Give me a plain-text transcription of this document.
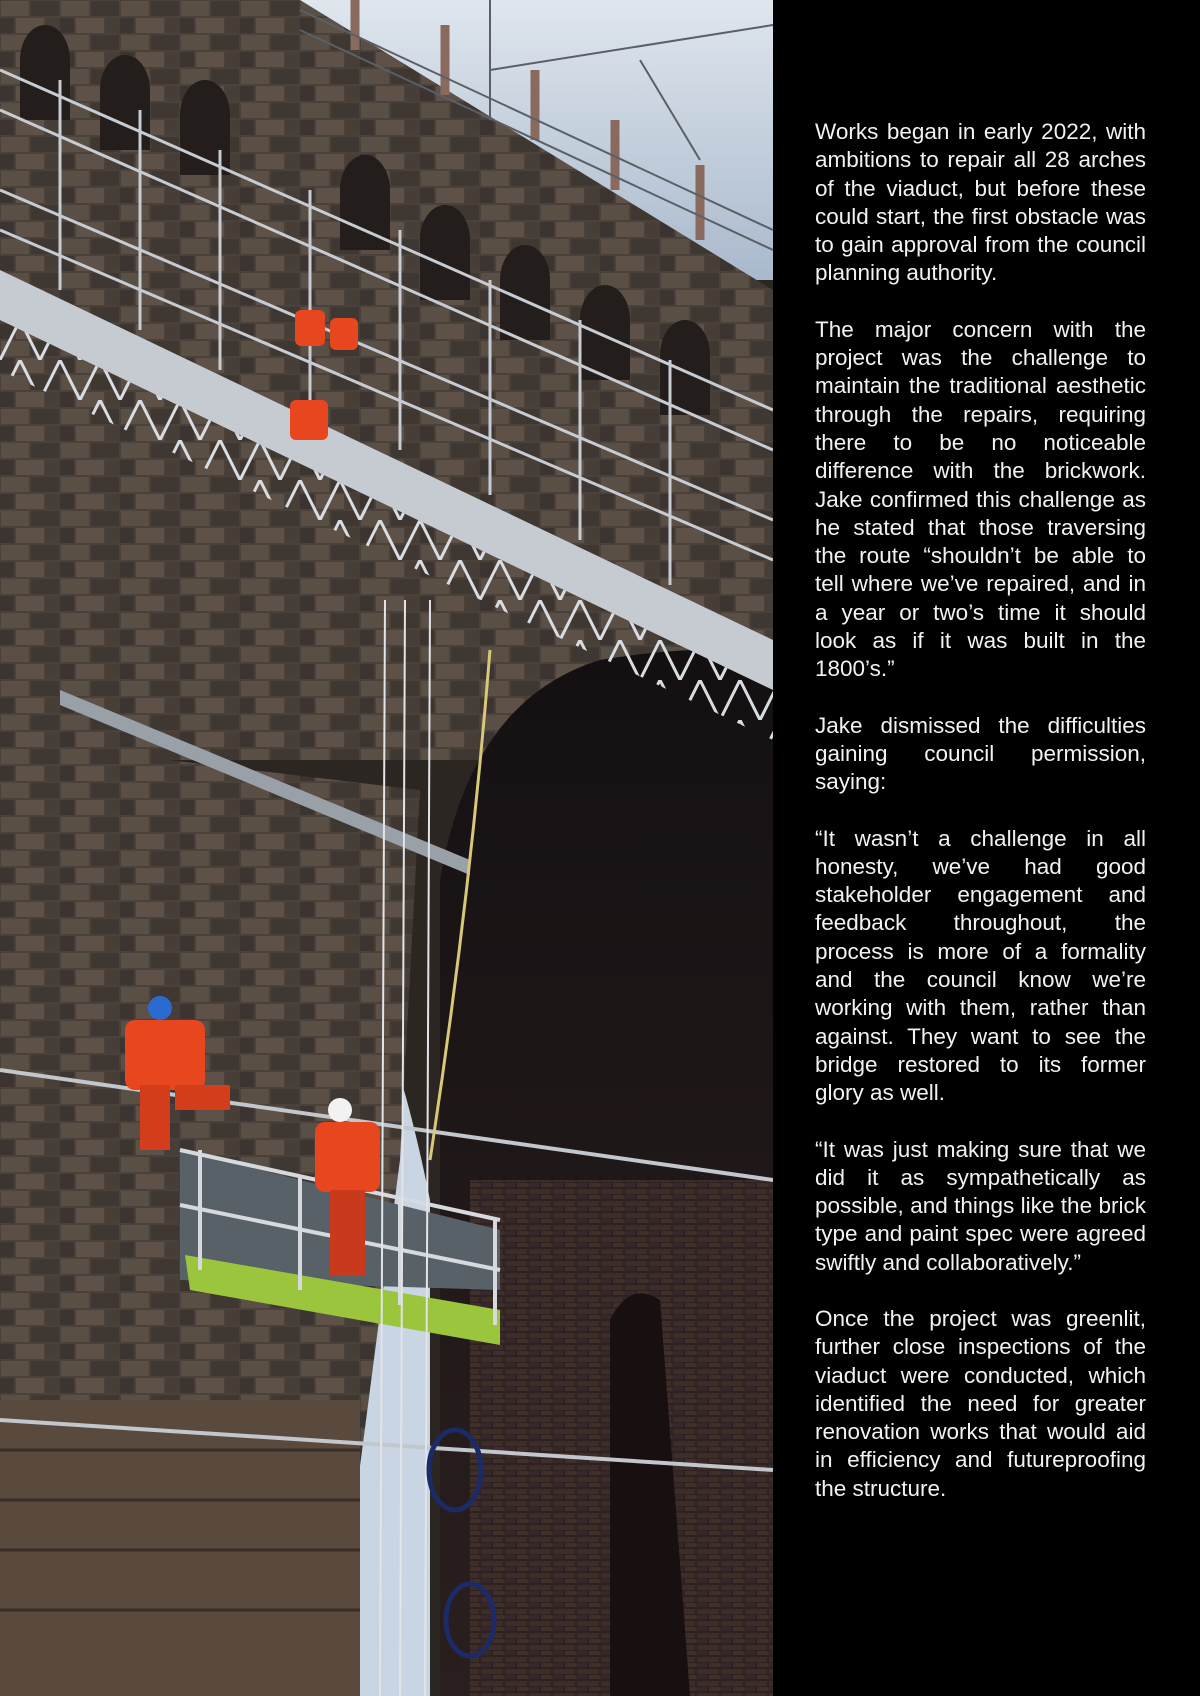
Works began in early 2022, with ambitions to repair all 28 arches of the viaduct, but before these could start, the first obstacle was to gain approval from the council planning authority.

The major concern with the project was the challenge to maintain the traditional aesthetic through the repairs, requiring there to be no noticeable difference with the brickwork. Jake confirmed this challenge as he stated that those traversing the route “shouldn’t be able to tell where we’ve repaired, and in a year or two’s time it should look as if it was built in the 1800’s.”

Jake dismissed the difficulties gaining council permission, saying:

“It wasn’t a challenge in all honesty, we’ve had good stakeholder engagement and feedback throughout, the process is more of a formality and the council know we’re working with them, rather than against. They want to see the bridge restored to its former glory as well.

“It was just making sure that we did it as sympathetically as possible, and things like the brick type and paint spec were agreed swiftly and collaboratively.”

Once the project was greenlit, further close inspections of the viaduct were conducted, which identified the need for greater renovation works that would aid in efficiency and futureproofing the structure.
